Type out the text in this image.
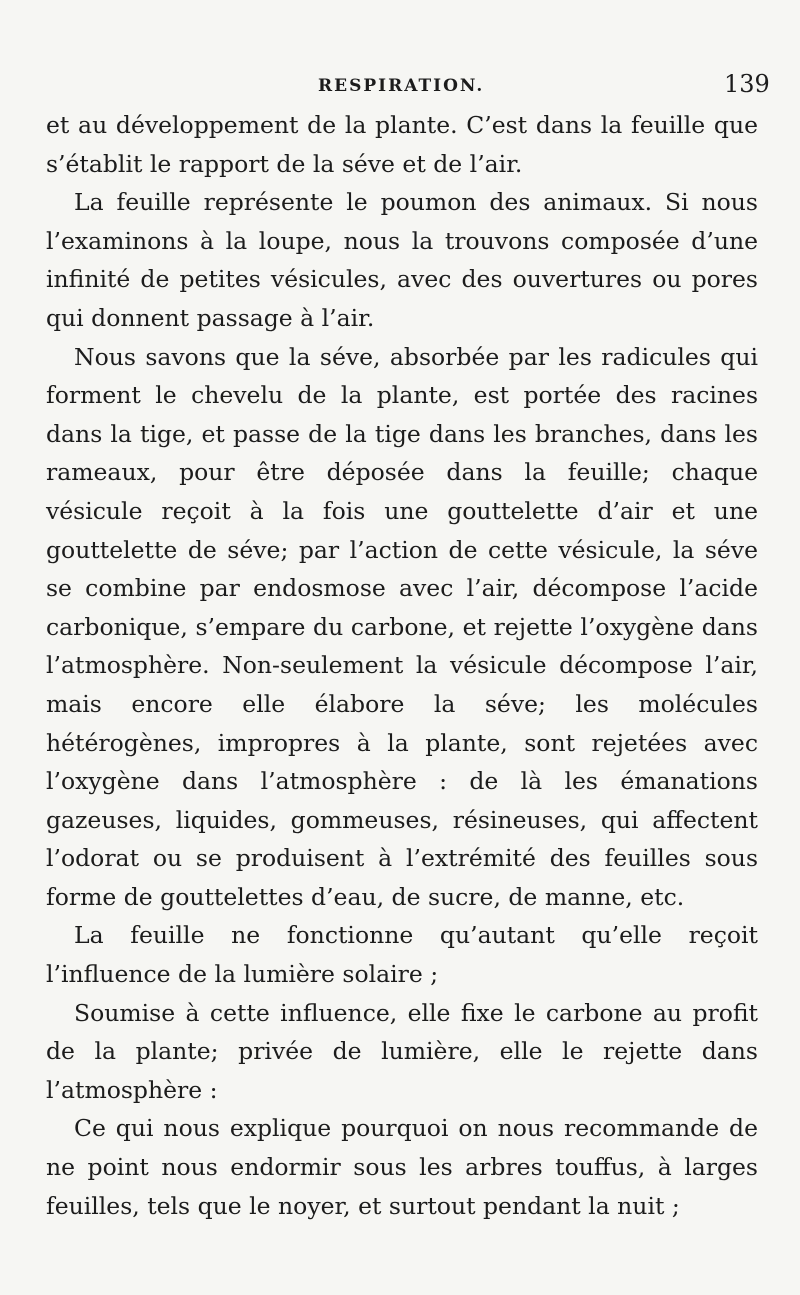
RESPIRATION.	139

et au développement de la plante. C’est dans la feuille que s’établit le rapport de la séve et de l’air.

La feuille représente le poumon des animaux. Si nous l’examinons à la loupe, nous la trouvons composée d’une infinité de petites vésicules, avec des ouvertures ou pores qui donnent passage à l’air.

Nous savons que la séve, absorbée par les radicules qui forment le chevelu de la plante, est portée des racines dans la tige, et passe de la tige dans les branches, dans les rameaux, pour être déposée dans la feuille; chaque vésicule reçoit à la fois une gouttelette d’air et une gouttelette de séve; par l’action de cette vésicule, la séve se combine par endosmose avec l’air, décompose l’acide carbonique, s’empare du carbone, et rejette l’oxygène dans l’atmosphère. Non-seulement la vésicule décompose l’air, mais encore elle élabore la séve; les molécules hétérogènes, impropres à la plante, sont rejetées avec l’oxygène dans l’atmosphère : de là les émanations gazeuses, liquides, gommeuses, résineuses, qui affectent l’odorat ou se produisent à l’extrémité des feuilles sous forme de gouttelettes d’eau, de sucre, de manne, etc.

La feuille ne fonctionne qu’autant qu’elle reçoit l’influence de la lumière solaire ;

Soumise à cette influence, elle fixe le carbone au profit de la plante; privée de lumière, elle le rejette dans l’atmosphère :

Ce qui nous explique pourquoi on nous recommande de ne point nous endormir sous les arbres touffus, à larges feuilles, tels que le noyer, et surtout pendant la nuit ;
